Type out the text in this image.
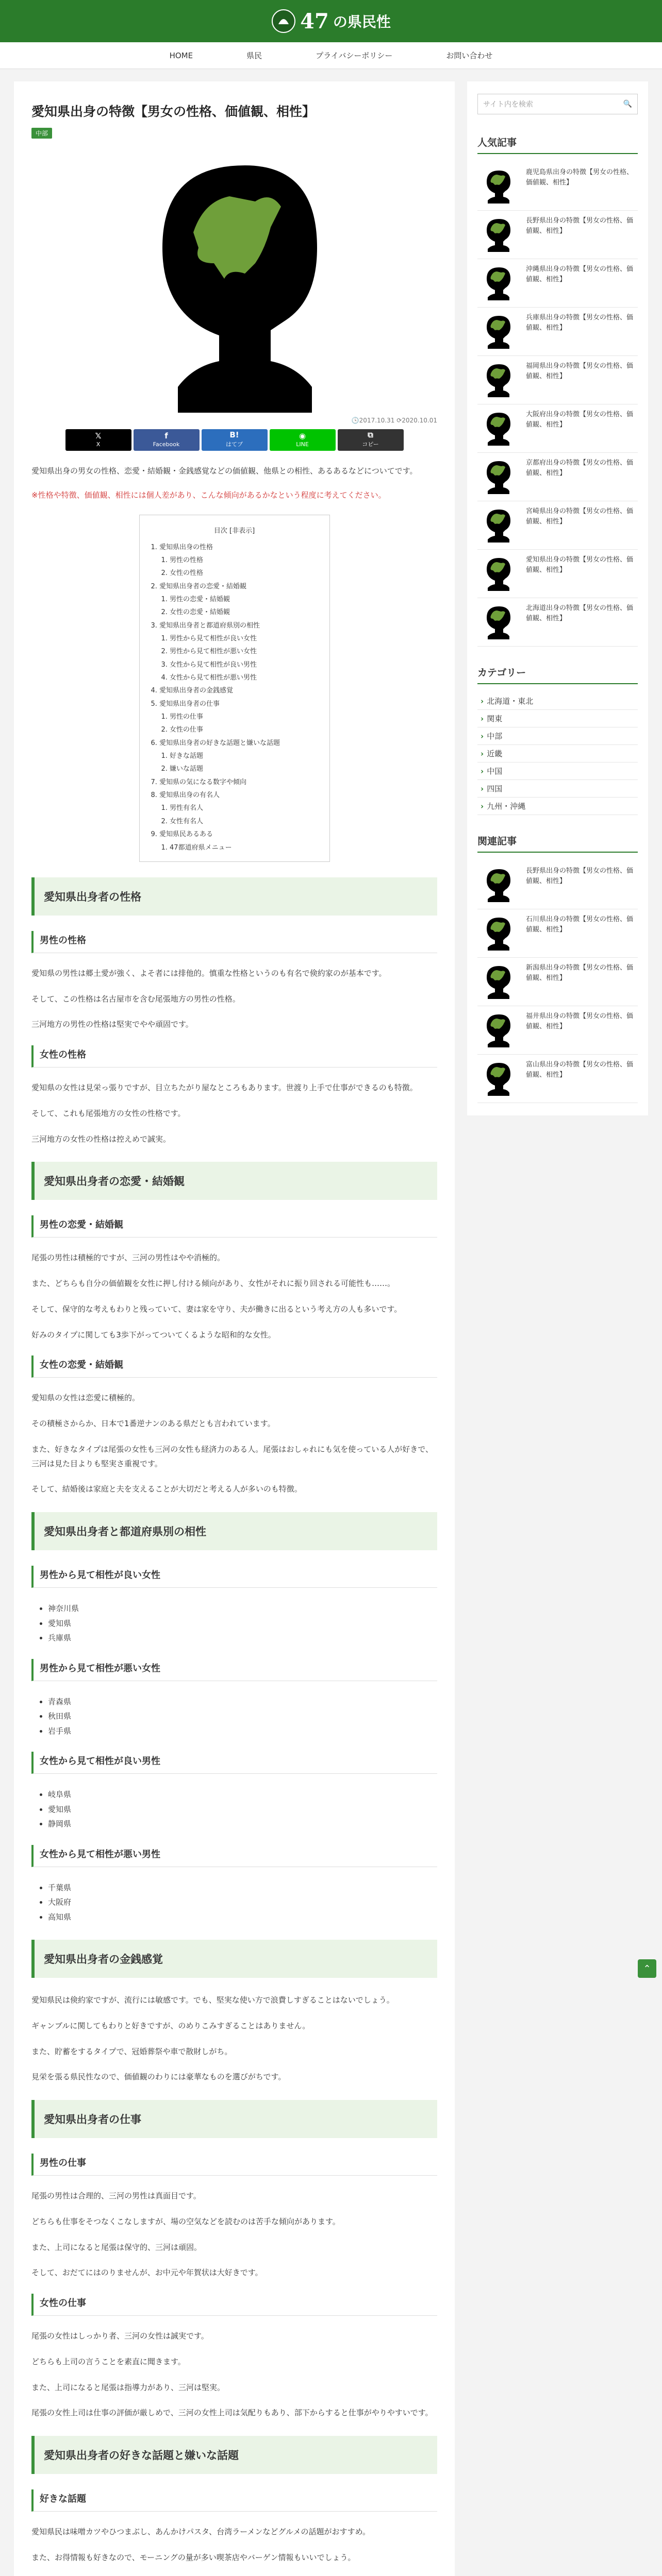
47 の県民性
HOME	県民	プライバシーポリシー	お問い合わせ
愛知県出身の特徴【男女の性格、価値観、相性】
中部
🕓2017.10.31 ⟳2020.10.01
𝕏
X
f
Facebook
B!
はてブ
◉
LINE
⧉
コピー

愛知県出身の男女の性格、恋愛・結婚観・金銭感覚などの価値観、他県との相性、あるあるなどについてです。

※性格や特徴、価値観、相性には個人差があり、こんな傾向があるかなという程度に考えてください。

目次 [非表示]
1. 愛知県出身の性格
1. 男性の性格
2. 女性の性格
2. 愛知県出身者の恋愛・結婚観
1. 男性の恋愛・結婚観
2. 女性の恋愛・結婚観
3. 愛知県出身者と都道府県別の相性
1. 男性から見て相性が良い女性
2. 男性から見て相性が悪い女性
3. 女性から見て相性が良い男性
4. 女性から見て相性が悪い男性
4. 愛知県出身者の金銭感覚
5. 愛知県出身者の仕事
1. 男性の仕事
2. 女性の仕事
6. 愛知県出身者の好きな話題と嫌いな話題
1. 好きな話題
2. 嫌いな話題
7. 愛知県の気になる数字や傾向
8. 愛知県出身の有名人
1. 男性有名人
2. 女性有名人
9. 愛知県民あるある
1. 47都道府県メニュー
愛知県出身者の性格
男性の性格

愛知県の男性は郷土愛が強く、よそ者には排他的。慎重な性格というのも有名で倹約家のが基本です。

そして、この性格は名古屋市を含む尾張地方の男性の性格。

三河地方の男性の性格は堅実でやや頑固です。

女性の性格

愛知県の女性は見栄っ張りですが、目立ちたがり屋なところもあります。世渡り上手で仕事ができるのも特徴。

そして、これも尾張地方の女性の性格です。

三河地方の女性の性格は控えめで誠実。

愛知県出身者の恋愛・結婚観
男性の恋愛・結婚観

尾張の男性は積極的ですが、三河の男性はやや消極的。

また、どちらも自分の価値観を女性に押し付ける傾向があり、女性がそれに振り回される可能性も……。

そして、保守的な考えもわりと残っていて、妻は家を守り、夫が働きに出るという考え方の人も多いです。

好みのタイプに関しても3歩下がってついてくるような昭和的な女性。

女性の恋愛・結婚観

愛知県の女性は恋愛に積極的。

その積極さからか、日本で1番逆ナンのある県だとも言われています。

また、好きなタイプは尾張の女性も三河の女性も経済力のある人。尾張はおしゃれにも気を使っている人が好きで、三河は見た目よりも堅実さ重視です。

そして、結婚後は家庭と夫を支えることが大切だと考える人が多いのも特徴。

愛知県出身者と都道府県別の相性
男性から見て相性が良い女性
• 神奈川県
• 愛知県
• 兵庫県
男性から見て相性が悪い女性
• 青森県
• 秋田県
• 岩手県
女性から見て相性が良い男性
• 岐阜県
• 愛知県
• 静岡県
女性から見て相性が悪い男性
• 千葉県
• 大阪府
• 高知県
愛知県出身者の金銭感覚

愛知県民は倹約家ですが、流行には敏感です。でも、堅実な使い方で浪費しすぎることはないでしょう。

ギャンブルに関してもわりと好きですが、のめりこみすぎることはありません。

また、貯蓄をするタイプで、冠婚葬祭や車で散財しがち。

見栄を張る県民性なので、価値観のわりには豪華なものを選びがちです。

愛知県出身者の仕事
男性の仕事

尾張の男性は合理的、三河の男性は真面目です。

どちらも仕事をそつなくこなしますが、場の空気などを読むのは苦手な傾向があります。

また、上司になると尾張は保守的、三河は頑固。

そして、おだてにはのりませんが、お中元や年賀状は大好きです。

女性の仕事

尾張の女性はしっかり者、三河の女性は誠実です。

どちらも上司の言うことを素直に聞きます。

また、上司になると尾張は指導力があり、三河は堅実。

尾張の女性上司は仕事の評価が厳しめで、三河の女性上司は気配りもあり、部下からすると仕事がやりやすいです。

愛知県出身者の好きな話題と嫌いな話題
好きな話題

愛知県民は味噌カツやひつまぶし、あんかけパスタ、台湾ラーメンなどグルメの話題がおすすめ。

また、お得情報も好きなので、モーニングの量が多い喫茶店やバーゲン情報もいいでしょう。

サイト内を検索	🔍
人気記事
鹿児島県出身の特徴【男女の性格、価値観、相性】
長野県出身の特徴【男女の性格、価値観、相性】
沖縄県出身の特徴【男女の性格、価値観、相性】
兵庫県出身の特徴【男女の性格、価値観、相性】
福岡県出身の特徴【男女の性格、価値観、相性】
大阪府出身の特徴【男女の性格、価値観、相性】
京都府出身の特徴【男女の性格、価値観、相性】
宮崎県出身の特徴【男女の性格、価値観、相性】
愛知県出身の特徴【男女の性格、価値観、相性】
北海道出身の特徴【男女の性格、価値観、相性】
カテゴリー
› 北海道・東北
› 関東
› 中部
› 近畿
› 中国
› 四国
› 九州・沖縄
関連記事
長野県出身の特徴【男女の性格、価値観、相性】
石川県出身の特徴【男女の性格、価値観、相性】
新潟県出身の特徴【男女の性格、価値観、相性】
福井県出身の特徴【男女の性格、価値観、相性】
富山県出身の特徴【男女の性格、価値観、相性】
⌃
